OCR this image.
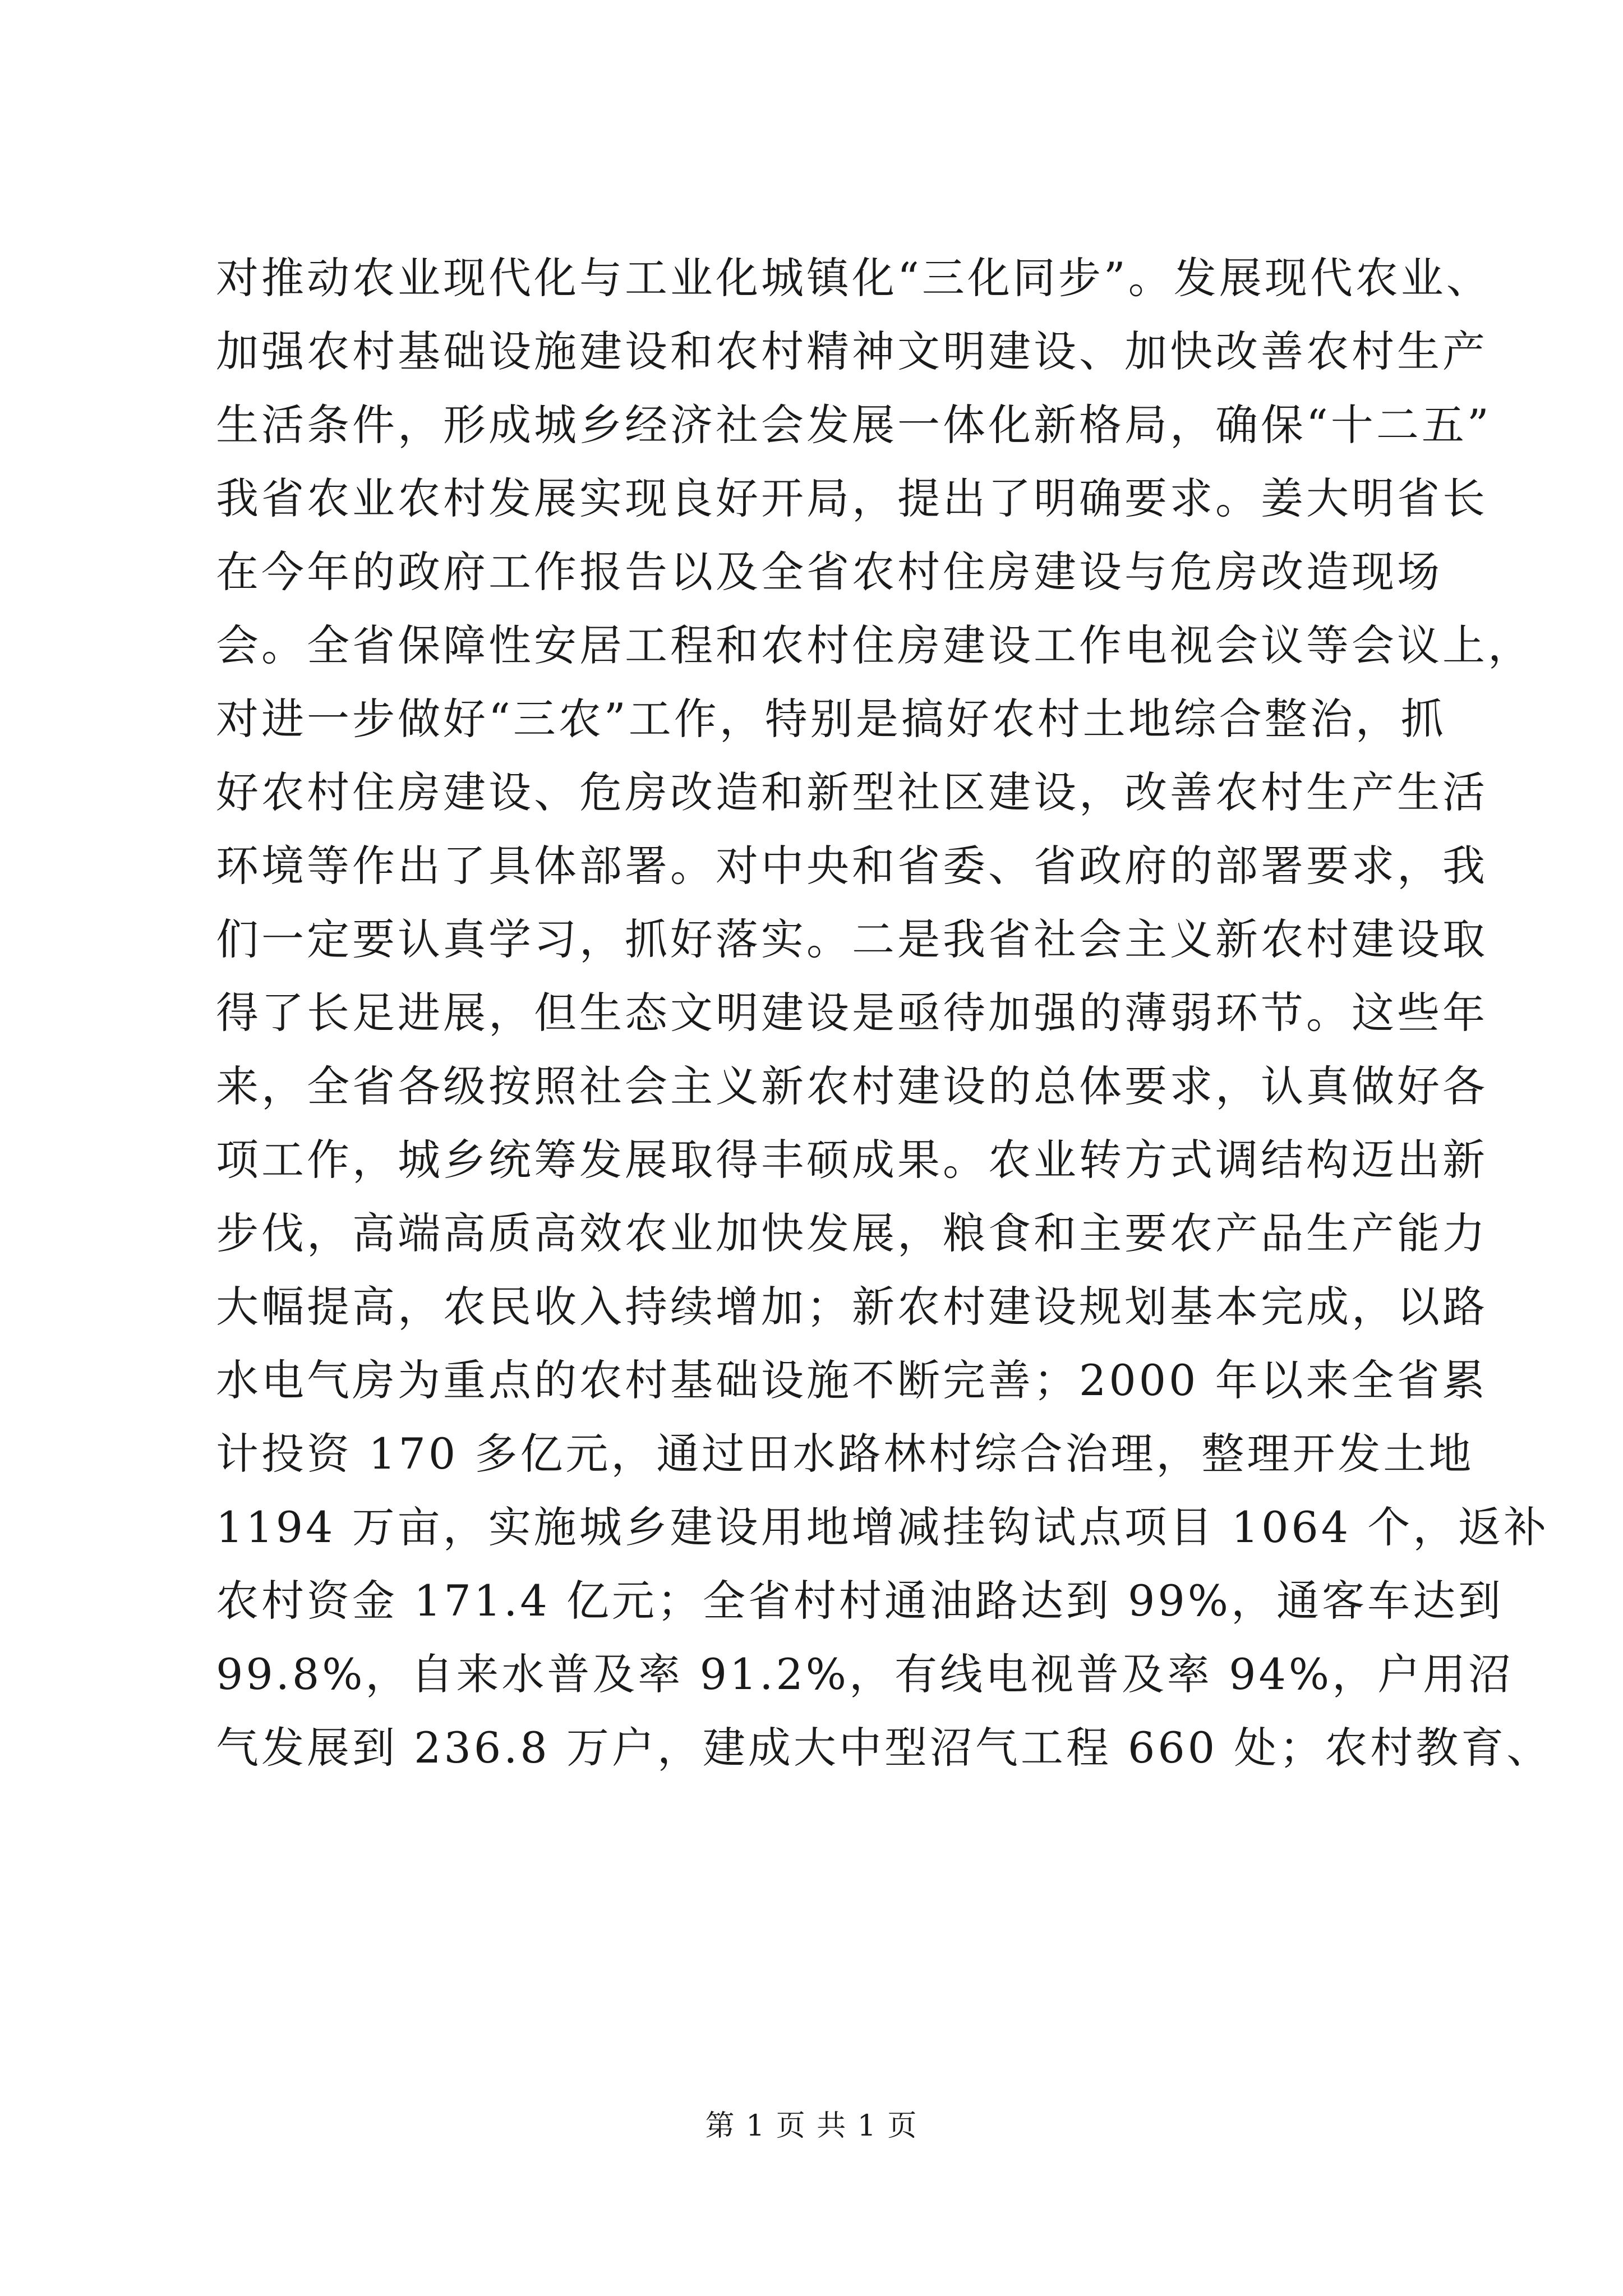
对推动农业现代化与工业化城镇化“三化同步”。发展现代农业、
加强农村基础设施建设和农村精神文明建设、加快改善农村生产
生活条件，形成城乡经济社会发展一体化新格局，确保“十二五”
我省农业农村发展实现良好开局，提出了明确要求。姜大明省长
在今年的政府工作报告以及全省农村住房建设与危房改造现场
会。全省保障性安居工程和农村住房建设工作电视会议等会议上，
对进一步做好“三农”工作，特别是搞好农村土地综合整治，抓
好农村住房建设、危房改造和新型社区建设，改善农村生产生活
环境等作出了具体部署。对中央和省委、省政府的部署要求，我
们一定要认真学习，抓好落实。二是我省社会主义新农村建设取
得了长足进展，但生态文明建设是亟待加强的薄弱环节。这些年
来，全省各级按照社会主义新农村建设的总体要求，认真做好各
项工作，城乡统筹发展取得丰硕成果。农业转方式调结构迈出新
步伐，高端高质高效农业加快发展，粮食和主要农产品生产能力
大幅提高，农民收入持续增加；新农村建设规划基本完成，以路
水电气房为重点的农村基础设施不断完善；2000 年以来全省累
计投资 170 多亿元，通过田水路林村综合治理，整理开发土地
1194 万亩，实施城乡建设用地增减挂钩试点项目 1064 个，返补
农村资金 171.4 亿元；全省村村通油路达到 99%，通客车达到
99.8%，自来水普及率 91.2%，有线电视普及率 94%，户用沼
气发展到 236.8 万户，建成大中型沼气工程 660 处；农村教育、
第 1 页 共 1 页
